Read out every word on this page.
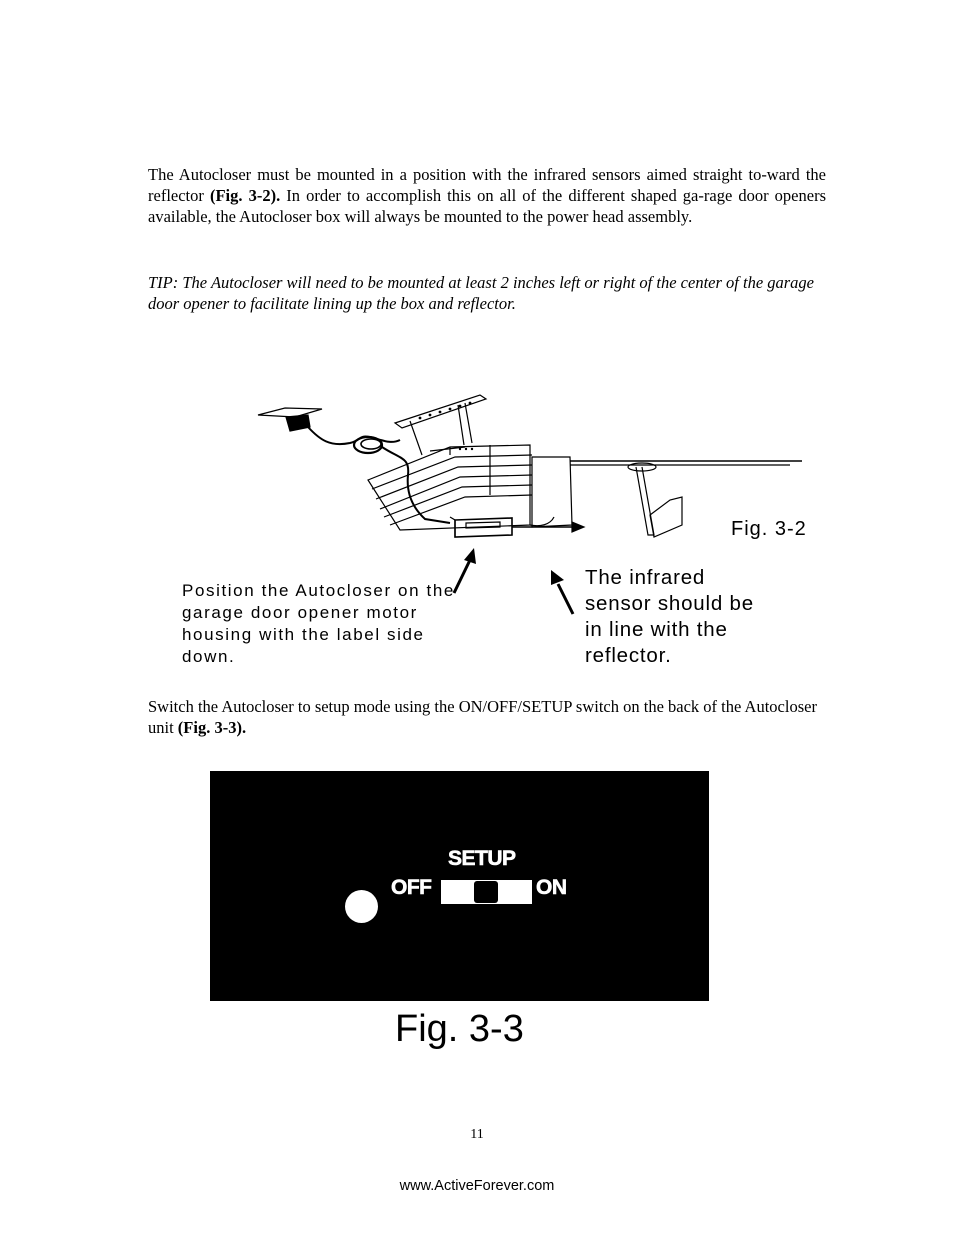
The Autocloser must be mounted in a position with the infrared sensors aimed straight to-ward the reflector (Fig. 3-2). In order to accomplish this on all of the different shaped ga-rage door openers available, the Autocloser box will always be mounted to the power head assembly.
TIP: The Autocloser will need to be mounted at least 2 inches left or right of the center of the garage door opener to facilitate lining up the box and reflector.
Fig. 3-2
Position the Autocloser on the garage door opener motor housing with the label side down.
The infrared sensor should be in line with the reflector.
Switch the Autocloser to setup mode using the ON/OFF/SETUP switch on the back of the Autocloser unit (Fig. 3-3).
SETUP
OFF	ON
Fig. 3-3
11
www.ActiveForever.com
